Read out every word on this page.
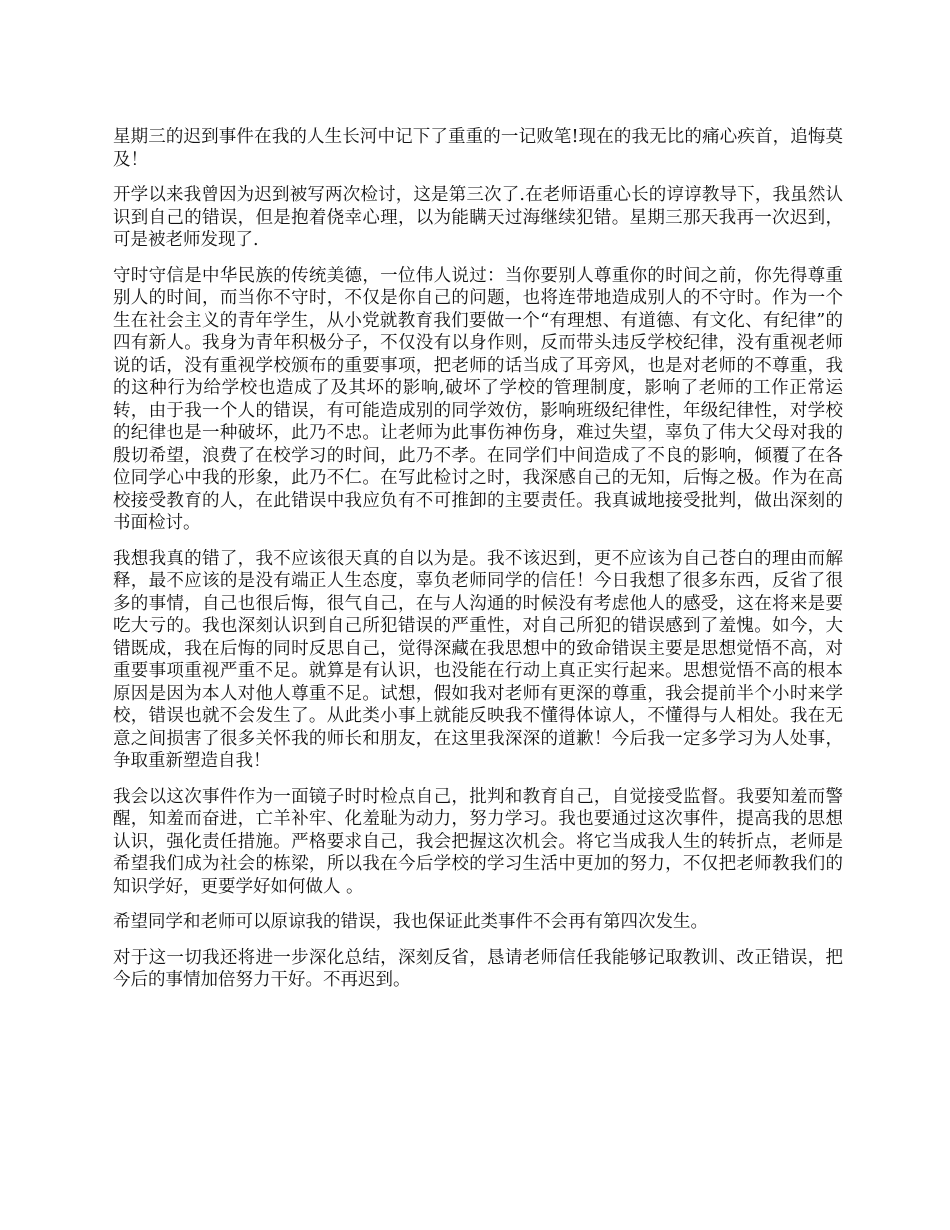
星期三的迟到事件在我的人生长河中记下了重重的一记败笔!现在的我无比的痛心疾首，追悔莫及！

开学以来我曾因为迟到被写两次检讨，这是第三次了.在老师语重心长的谆谆教导下，我虽然认识到自己的错误，但是抱着侥幸心理，以为能瞒天过海继续犯错。星期三那天我再一次迟到，可是被老师发现了.

守时守信是中华民族的传统美德，一位伟人说过：当你要别人尊重你的时间之前，你先得尊重别人的时间，而当你不守时，不仅是你自己的问题，也将连带地造成别人的不守时。作为一个生在社会主义的青年学生，从小党就教育我们要做一个“有理想、有道德、有文化、有纪律”的四有新人。我身为青年积极分子，不仅没有以身作则，反而带头违反学校纪律，没有重视老师说的话，没有重视学校颁布的重要事项，把老师的话当成了耳旁风，也是对老师的不尊重，我的这种行为给学校也造成了及其坏的影响,破坏了学校的管理制度，影响了老师的工作正常运转，由于我一个人的错误，有可能造成别的同学效仿，影响班级纪律性，年级纪律性，对学校的纪律也是一种破坏，此乃不忠。让老师为此事伤神伤身，难过失望，辜负了伟大父母对我的殷切希望，浪费了在校学习的时间，此乃不孝。在同学们中间造成了不良的影响，倾覆了在各位同学心中我的形象，此乃不仁。在写此检讨之时，我深感自己的无知，后悔之极。作为在高校接受教育的人，在此错误中我应负有不可推卸的主要责任。我真诚地接受批判，做出深刻的书面检讨。

我想我真的错了，我不应该很天真的自以为是。我不该迟到，更不应该为自己苍白的理由而解释，最不应该的是没有端正人生态度，辜负老师同学的信任！今日我想了很多东西，反省了很多的事情，自己也很后悔，很气自己，在与人沟通的时候没有考虑他人的感受，这在将来是要吃大亏的。我也深刻认识到自己所犯错误的严重性，对自己所犯的错误感到了羞愧。如今，大错既成，我在后悔的同时反思自己，觉得深藏在我思想中的致命错误主要是思想觉悟不高，对重要事项重视严重不足。就算是有认识，也没能在行动上真正实行起来。思想觉悟不高的根本原因是因为本人对他人尊重不足。试想，假如我对老师有更深的尊重，我会提前半个小时来学校，错误也就不会发生了。从此类小事上就能反映我不懂得体谅人，不懂得与人相处。我在无意之间损害了很多关怀我的师长和朋友，在这里我深深的道歉！今后我一定多学习为人处事，争取重新塑造自我！

我会以这次事件作为一面镜子时时检点自己，批判和教育自己，自觉接受监督。我要知羞而警醒，知羞而奋进，亡羊补牢、化羞耻为动力，努力学习。我也要通过这次事件，提高我的思想认识，强化责任措施。严格要求自己，我会把握这次机会。将它当成我人生的转折点，老师是希望我们成为社会的栋梁，所以我在今后学校的学习生活中更加的努力，不仅把老师教我们的知识学好，更要学好如何做人 。

希望同学和老师可以原谅我的错误，我也保证此类事件不会再有第四次发生。

对于这一切我还将进一步深化总结，深刻反省，恳请老师信任我能够记取教训、改正错误，把今后的事情加倍努力干好。不再迟到。
